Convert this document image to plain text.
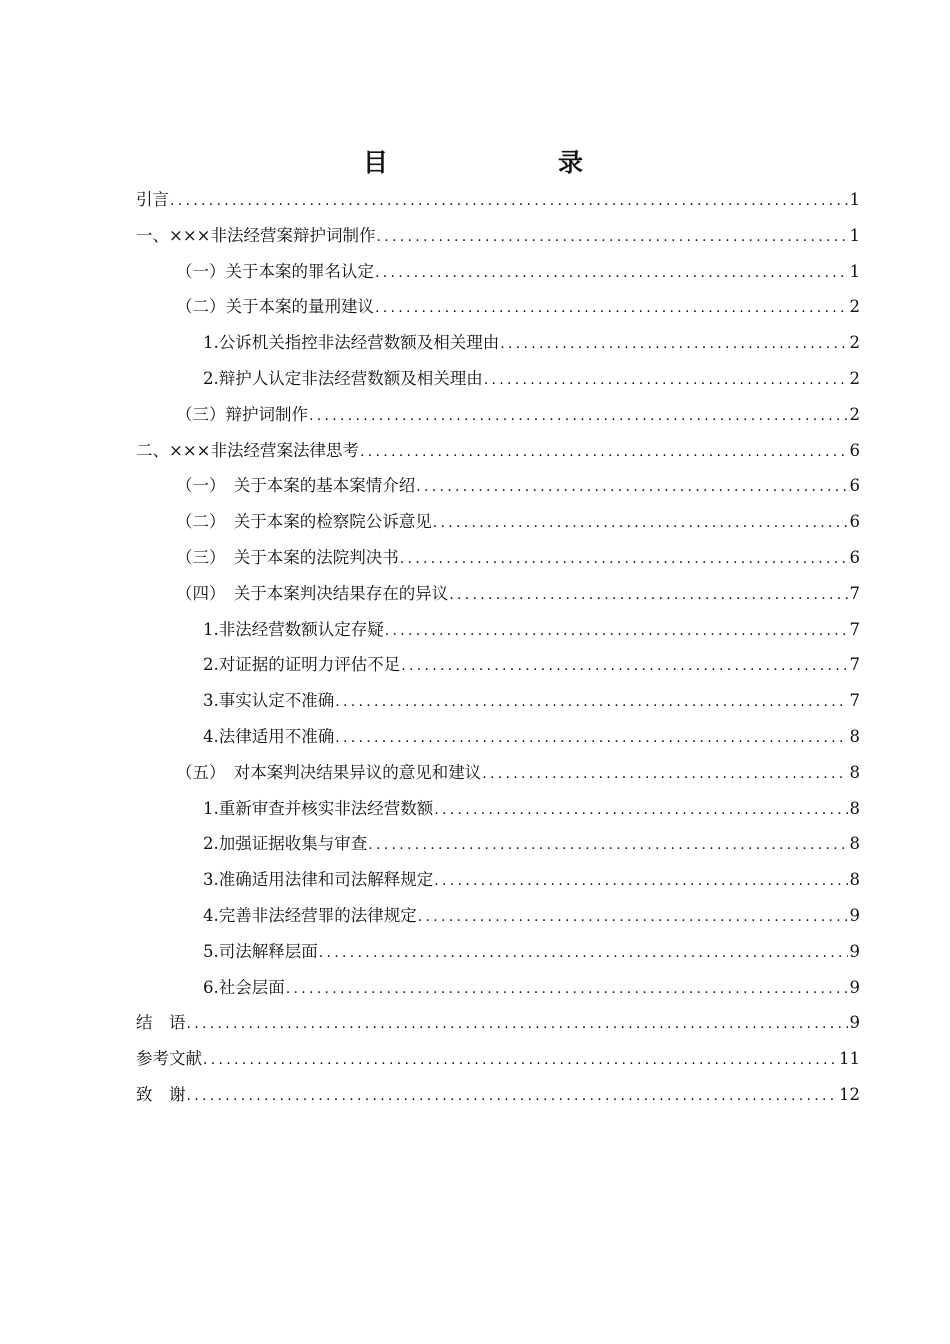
目　　录
引言 .....	1
一、×××非法经营案辩护词制作 .....	1
（一）关于本案的罪名认定 .....	1
（二）关于本案的量刑建议 .....	2
1.公诉机关指控非法经营数额及相关理由 .....	2
2.辩护人认定非法经营数额及相关理由 .....	2
（三）辩护词制作 .....	2
二、×××非法经营案法律思考 .....	6
（一）　关于本案的基本案情介绍 .....	6
（二）　关于本案的检察院公诉意见 .....	6
（三）　关于本案的法院判决书 .....	6
（四）　关于本案判决结果存在的异议 .....	7
1.非法经营数额认定存疑 .....	7
2.对证据的证明力评估不足 .....	7
3.事实认定不准确 .....	7
4.法律适用不准确 .....	8
（五）　对本案判决结果异议的意见和建议 .....	8
1.重新审查并核实非法经营数额 .....	8
2.加强证据收集与审查 .....	8
3.准确适用法律和司法解释规定 .....	8
4.完善非法经营罪的法律规定 .....	9
5.司法解释层面 .....	9
6.社会层面 .....	9
结　语 .....	9
参考文献 .....	11
致　谢 .....	12
